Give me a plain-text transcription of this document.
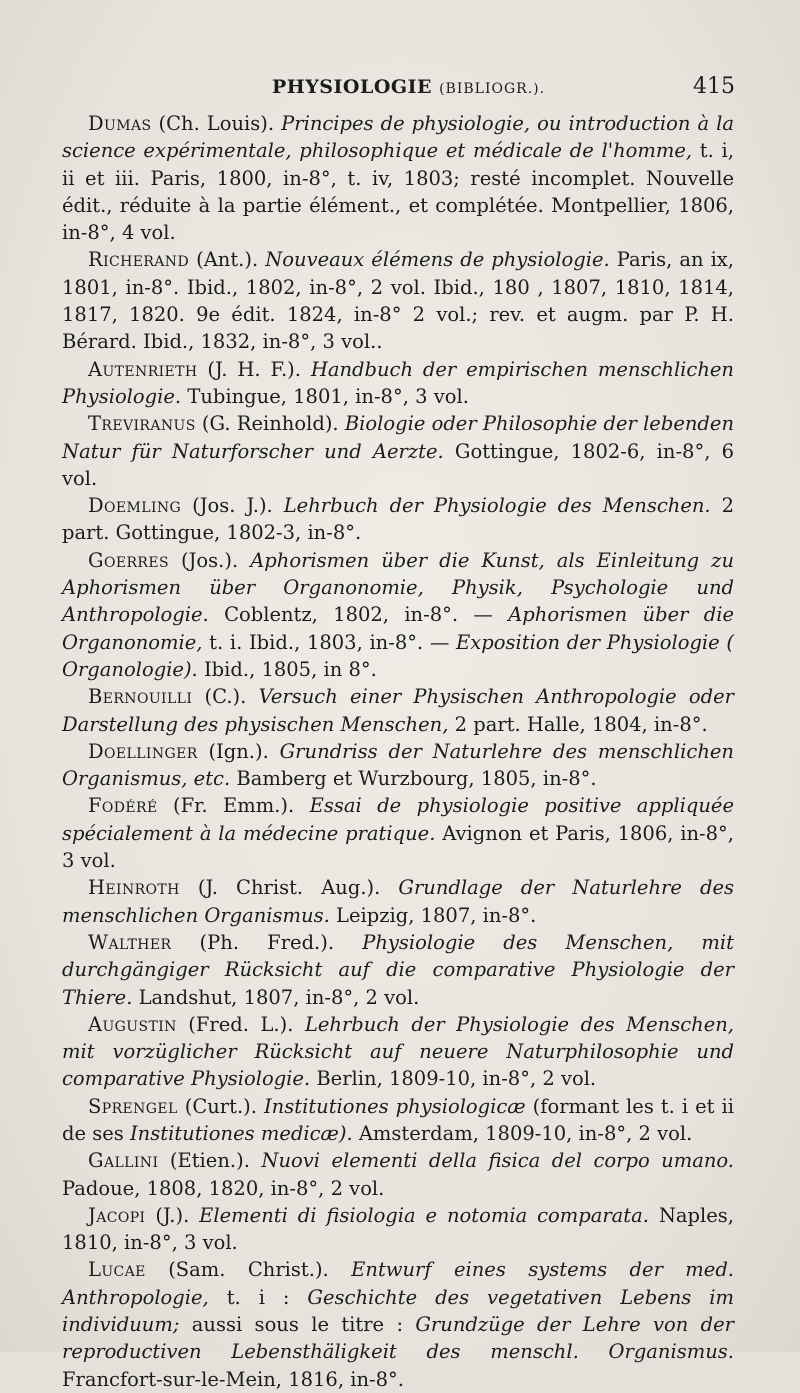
PHYSIOLOGIE (BIBLIOGR.).	415

Dumas (Ch. Louis). Principes de physiologie, ou introduction à la science expérimentale, philosophique et médicale de l'homme, t. i, ii et iii. Paris, 1800, in-8°, t. iv, 1803; resté incomplet. Nouvelle édit., réduite à la partie élément., et complétée. Montpellier, 1806, in-8°, 4 vol.

Richerand (Ant.). Nouveaux élémens de physiologie. Paris, an ix, 1801, in-8°. Ibid., 1802, in-8°, 2 vol. Ibid., 180 , 1807, 1810, 1814, 1817, 1820. 9e édit. 1824, in-8° 2 vol.; rev. et augm. par P. H. Bérard. Ibid., 1832, in-8°, 3 vol..

Autenrieth (J. H. F.). Handbuch der empirischen menschlichen Physiologie. Tubingue, 1801, in-8°, 3 vol.

Treviranus (G. Reinhold). Biologie oder Philosophie der lebenden Natur für Naturforscher und Aerzte. Gottingue, 1802-6, in-8°, 6 vol.

Doemling (Jos. J.). Lehrbuch der Physiologie des Menschen. 2 part. Gottingue, 1802-3, in-8°.

Goerres (Jos.). Aphorismen über die Kunst, als Einleitung zu Aphorismen über Organonomie, Physik, Psychologie und Anthropologie. Coblentz, 1802, in-8°. — Aphorismen über die Organonomie, t. i. Ibid., 1803, in-8°. — Exposition der Physiologie ( Organologie). Ibid., 1805, in 8°.

Bernouilli (C.). Versuch einer Physischen Anthropologie oder Darstellung des physischen Menschen, 2 part. Halle, 1804, in-8°.

Doellinger (Ign.). Grundriss der Naturlehre des menschlichen Organismus, etc. Bamberg et Wurzbourg, 1805, in-8°.

Fodéré (Fr. Emm.). Essai de physiologie positive appliquée spécialement à la médecine pratique. Avignon et Paris, 1806, in-8°, 3 vol.

Heinroth (J. Christ. Aug.). Grundlage der Naturlehre des menschlichen Organismus. Leipzig, 1807, in-8°.

Walther (Ph. Fred.). Physiologie des Menschen, mit durchgängiger Rücksicht auf die comparative Physiologie der Thiere. Landshut, 1807, in-8°, 2 vol.

Augustin (Fred. L.). Lehrbuch der Physiologie des Menschen, mit vorzüglicher Rücksicht auf neuere Naturphilosophie und comparative Physiologie. Berlin, 1809-10, in-8°, 2 vol.

Sprengel (Curt.). Institutiones physiologicæ (formant les t. i et ii de ses Institutiones medicæ). Amsterdam, 1809-10, in-8°, 2 vol.

Gallini (Etien.). Nuovi elementi della fisica del corpo umano. Padoue, 1808, 1820, in-8°, 2 vol.

Jacopi (J.). Elementi di fisiologia e notomia comparata. Naples, 1810, in-8°, 3 vol.

Lucae (Sam. Christ.). Entwurf eines systems der med. Anthropologie, t. i : Geschichte des vegetativen Lebens im individuum; aussi sous le titre : Grundzüge der Lehre von der reproductiven Lebensthäligkeit des menschl. Organismus. Francfort-sur-le-Mein, 1816, in-8°.
